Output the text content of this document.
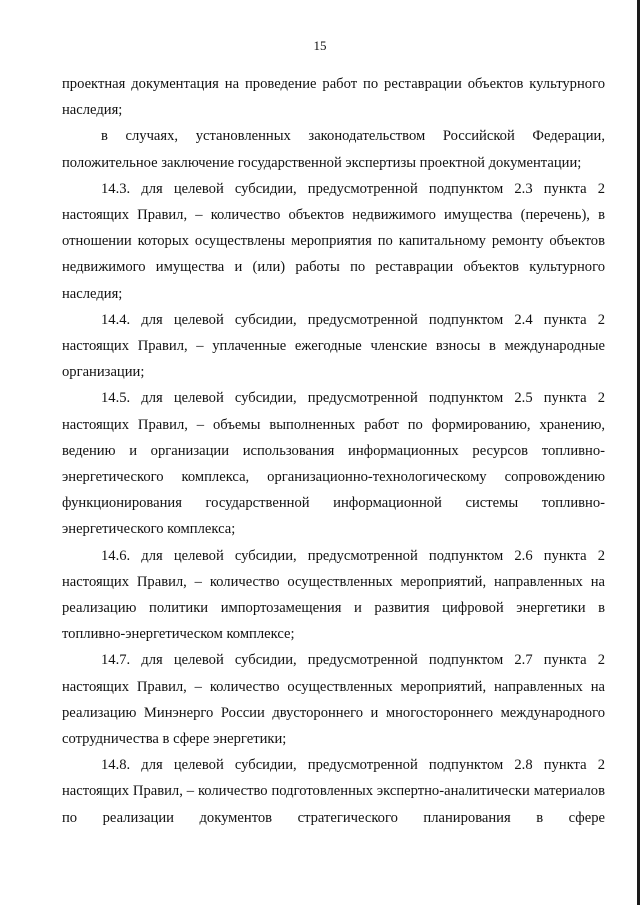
15

проектная документация на проведение работ по реставрации объектов культурного наследия;

в случаях, установленных законодательством Российской Федерации, положительное заключение государственной экспертизы проектной документации;

14.3. для целевой субсидии, предусмотренной подпунктом 2.3 пункта 2 настоящих Правил, – количество объектов недвижимого имущества (перечень), в отношении которых осуществлены мероприятия по капитальному ремонту объектов недвижимого имущества и (или) работы по реставрации объектов культурного наследия;

14.4. для целевой субсидии, предусмотренной подпунктом 2.4 пункта 2 настоящих Правил, – уплаченные ежегодные членские взносы в международные организации;

14.5. для целевой субсидии, предусмотренной подпунктом 2.5 пункта 2 настоящих Правил, – объемы выполненных работ по формированию, хранению, ведению и организации использования информационных ресурсов топливно-энергетического комплекса, организационно-технологическому сопровождению функционирования государственной информационной системы топливно-энергетического комплекса;

14.6. для целевой субсидии, предусмотренной подпунктом 2.6 пункта 2 настоящих Правил, – количество осуществленных мероприятий, направленных на реализацию политики импортозамещения и развития цифровой энергетики в топливно-энергетическом комплексе;

14.7. для целевой субсидии, предусмотренной подпунктом 2.7 пункта 2 настоящих Правил, – количество осуществленных мероприятий, направленных на реализацию Минэнерго России двустороннего и многостороннего международного сотрудничества в сфере энергетики;

14.8. для целевой субсидии, предусмотренной подпунктом 2.8 пункта 2 настоящих Правил, – количество подготовленных экспертно-аналитически материалов по реализации документов стратегического планирования в сфере
